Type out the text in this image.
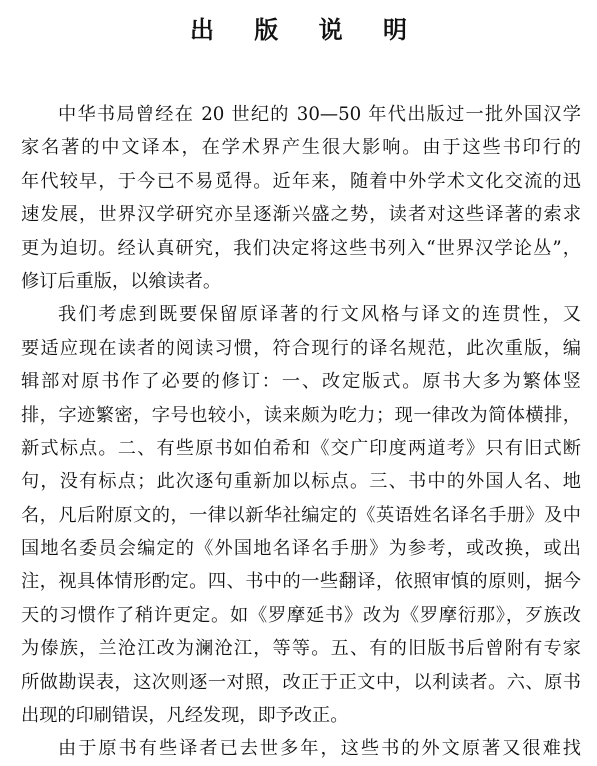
出 版 说 明
中华书局曾经在 20 世纪的 30—50 年代出版过一批外国汉学
家名著的中文译本，在学术界产生很大影响。由于这些书印行的
年代较早，于今已不易觅得。近年来，随着中外学术文化交流的迅
速发展，世界汉学研究亦呈逐渐兴盛之势，读者对这些译著的索求
更为迫切。经认真研究，我们决定将这些书列入“世界汉学论丛”，
修订后重版，以飨读者。
我们考虑到既要保留原译著的行文风格与译文的连贯性，又
要适应现在读者的阅读习惯，符合现行的译名规范，此次重版，编
辑部对原书作了必要的修订：一、改定版式。原书大多为繁体竖
排，字迹繁密，字号也较小，读来颇为吃力；现一律改为简体横排，
新式标点。二、有些原书如伯希和《交广印度两道考》只有旧式断
句，没有标点；此次逐句重新加以标点。三、书中的外国人名、地
名，凡后附原文的，一律以新华社编定的《英语姓名译名手册》及中
国地名委员会编定的《外国地名译名手册》为参考，或改换，或出
注，视具体情形酌定。四、书中的一些翻译，依照审慎的原则，据今
天的习惯作了稍许更定。如《罗摩延书》改为《罗摩衍那》，歹族改
为傣族，兰沧江改为澜沧江，等等。五、有的旧版书后曾附有专家
所做勘误表，这次则逐一对照，改正于正文中，以利读者。六、原书
出现的印刷错误，凡经发现，即予改正。
由于原书有些译者已去世多年，这些书的外文原著又很难找
